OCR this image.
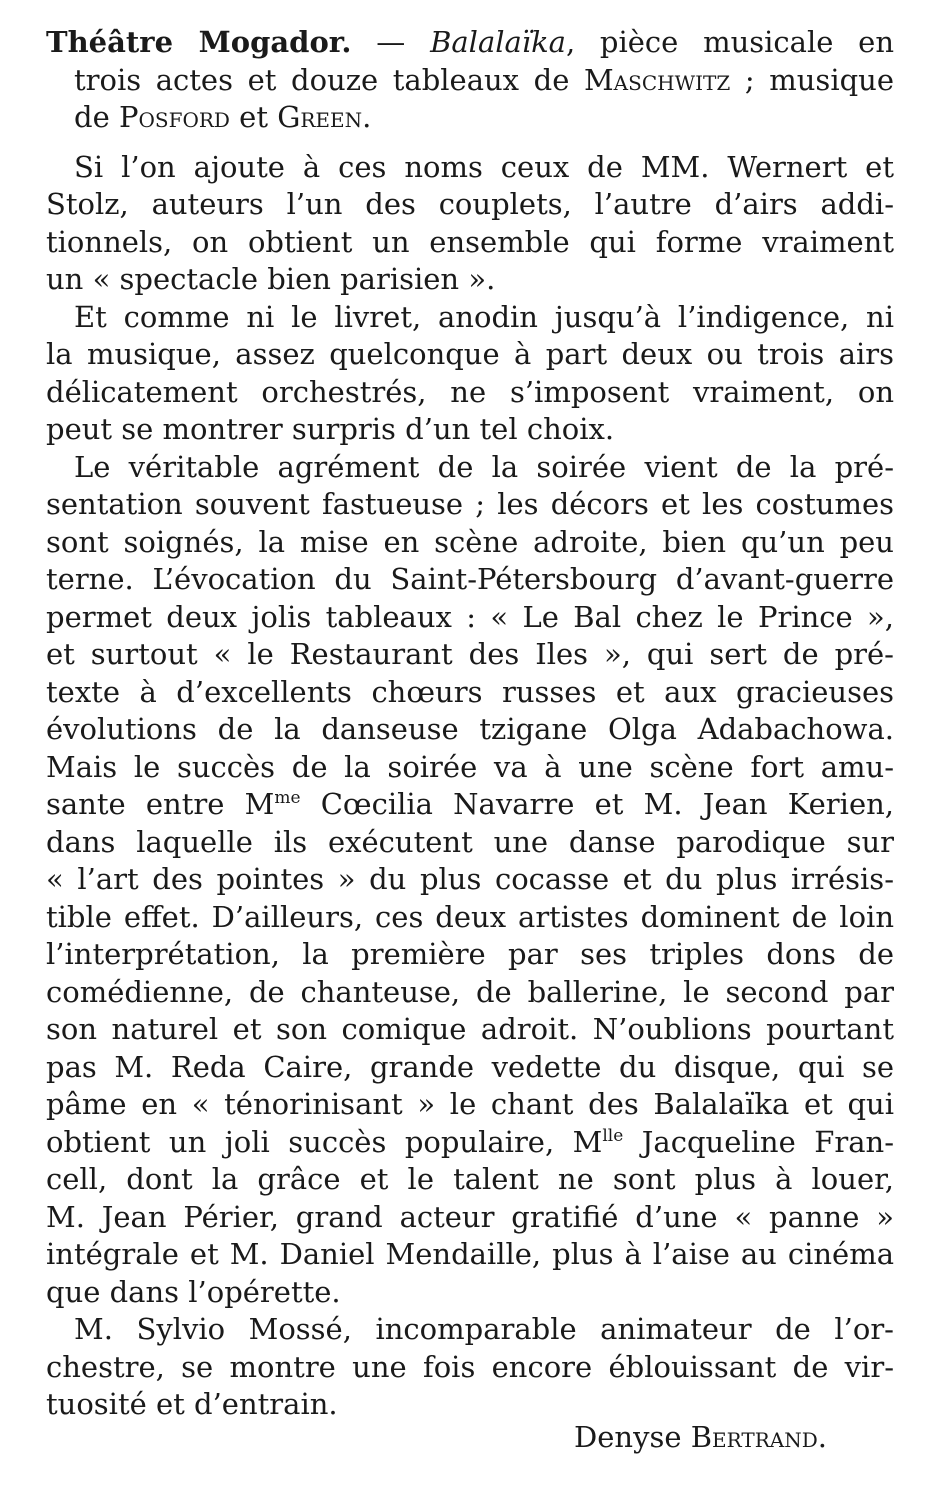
Théâtre Mogador. — Balalaïka, pièce musicale en
trois actes et douze tableaux de Maschwitz ; musique
de Posford et Green.
Si l’on ajoute à ces noms ceux de MM. Wernert et
Stolz, auteurs l’un des couplets, l’autre d’airs addi-
tionnels, on obtient un ensemble qui forme vraiment
un « spectacle bien parisien ».
Et comme ni le livret, anodin jusqu’à l’indigence, ni
la musique, assez quelconque à part deux ou trois airs
délicatement orchestrés, ne s’imposent vraiment, on
peut se montrer surpris d’un tel choix.
Le véritable agrément de la soirée vient de la pré-
sentation souvent fastueuse ; les décors et les costumes
sont soignés, la mise en scène adroite, bien qu’un peu
terne. L’évocation du Saint-Pétersbourg d’avant-guerre
permet deux jolis tableaux : « Le Bal chez le Prince »,
et surtout « le Restaurant des Iles », qui sert de pré-
texte à d’excellents chœurs russes et aux gracieuses
évolutions de la danseuse tzigane Olga Adabachowa.
Mais le succès de la soirée va à une scène fort amu-
sante entre $M^{me}$ Cœcilia Navarre et M. Jean Kerien,
dans laquelle ils exécutent une danse parodique sur
« l’art des pointes » du plus cocasse et du plus irrésis-
tible effet. D’ailleurs, ces deux artistes dominent de loin
l’interprétation, la première par ses triples dons de
comédienne, de chanteuse, de ballerine, le second par
son naturel et son comique adroit. N’oublions pourtant
pas M. Reda Caire, grande vedette du disque, qui se
pâme en « ténorinisant » le chant des Balalaïka et qui
obtient un joli succès populaire, $M^{lle}$ Jacqueline Fran-
cell, dont la grâce et le talent ne sont plus à louer,
M. Jean Périer, grand acteur gratifié d’une « panne »
intégrale et M. Daniel Mendaille, plus à l’aise au cinéma
que dans l’opérette.
M. Sylvio Mossé, incomparable animateur de l’or-
chestre, se montre une fois encore éblouissant de vir-
tuosité et d’entrain.
Denyse Bertrand.
